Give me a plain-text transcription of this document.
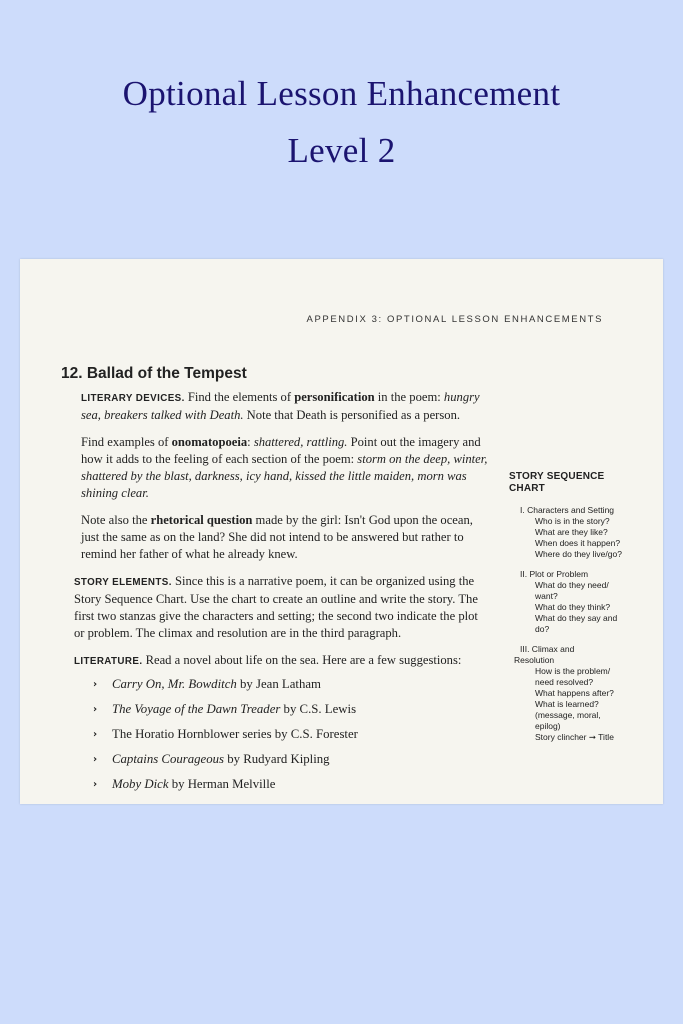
Optional Lesson Enhancement
Level 2

APPENDIX 3: OPTIONAL LESSON ENHANCEMENTS
12. Ballad of the Tempest

LITERARY DEVICES. Find the elements of personification in the poem: hungry sea, breakers talked with Death. Note that Death is personified as a person.

Find examples of onomatopoeia: shattered, rattling. Point out the imagery and how it adds to the feeling of each section of the poem: storm on the deep, winter, shattered by the blast, darkness, icy hand, kissed the little maiden, morn was shining clear.

Note also the rhetorical question made by the girl: Isn't God upon the ocean, just the same as on the land? She did not intend to be answered but rather to remind her father of what he already knew.

STORY ELEMENTS. Since this is a narrative poem, it can be organized using the Story Sequence Chart. Use the chart to create an outline and write the story. The first two stanzas give the characters and setting; the second two indicate the plot or problem. The climax and resolution are in the third paragraph.

LITERATURE. Read a novel about life on the sea. Here are a few suggestions:

› Carry On, Mr. Bowditch by Jean Latham
› The Voyage of the Dawn Treader by C.S. Lewis
› The Horatio Hornblower series by C.S. Forester
› Captains Courageous by Rudyard Kipling
› Moby Dick by Herman Melville
STORY SEQUENCE
CHART
I. Characters and Setting
Who is in the story?
What are they like?
When does it happen?
Where do they live/go?
II. Plot or Problem
What do they need/
want?
What do they think?
What do they say and
do?
III. Climax and
Resolution
How is the problem/
need resolved?
What happens after?
What is learned?
(message, moral,
epilog)
Story clincher ➞ Title
